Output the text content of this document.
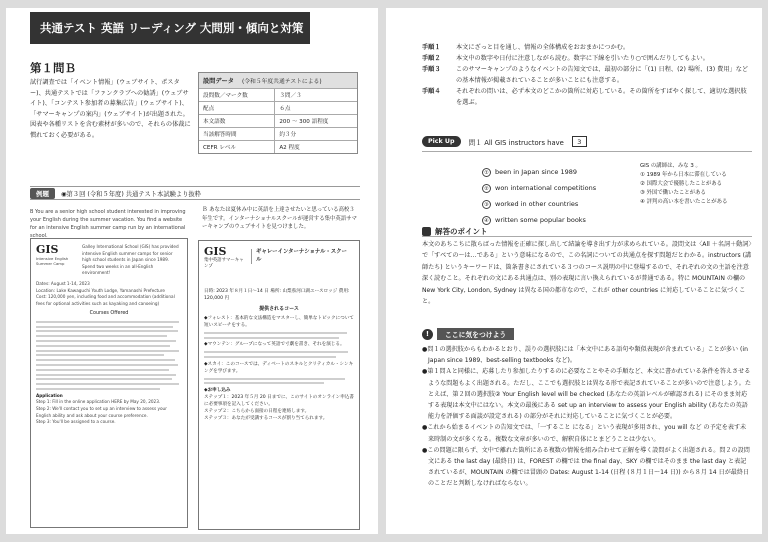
共通テスト 英語 リーディング 大問別・傾向と対策
第１問Ｂ
試行調査では「イベント情報」(ウェブサイト、ポスター)、共通テストでは「ファンクラブへの勧誘」(ウェブサイト)、「コンテスト参加者の募集広告」(ウェブサイト)、「サマーキャンプの案内」(ウェブサイト)が出題された。図表や各種リストを含む素材が多いので、それらの体裁に慣れておく必要がある。
設問データ (令和５年度共通テストによる)
設問数／マーク数	３問／３
配点	６点
本文語数	200 〜 300 語程度
当該解答時間	約３分
CEFR レベル	A2 程度
例題	◉第３回 (令和５年度) 共通テスト本試験より抜粋
B You are a senior high school student interested in improving your English during the summer vacation. You find a website for an intensive English summer camp run by an international school.
Ｂ あなたは夏休み中に英語を上達させたいと思っている高校３年生です。インターナショナルスクールが運営する集中英語サマーキャンプのウェブサイトを見つけました。
GIS
Intensive English Summer Camp
Galley International School (GIS) has provided intensive English summer camps for senior high school students in Japan since 1989. Spend two weeks in an all-English environment!
Dates: August 1-14, 2023
Location: Lake Kawaguchi Youth Lodge, Yamanashi Prefecture
Cost: 120,000 yen, including food and accommodation (additional fees for optional activities such as kayaking and canoeing)
Courses Offered
Application
Step 1: Fill in the online application HERE by May 20, 2023.
Step 2: We'll contact you to set up an interview to assess your English ability and ask about your course preference.
Step 3: You'll be assigned to a course.
GIS
集中英語サマーキャンプ
ギャレーインターナショナル・スクール
日時: 2023 年８月１日〜14 日 場所: 山梨県河口湖ユースロッジ 費用: 120,000 円
提供されるコース
◆フォレスト：基本的な文法構造をマスターし、簡単なトピックについて短いスピーチをする。
◆マウンテン：グループになって英語で寸劇を書き、それを演じる。
◆スカイ：このコースでは、ディベートのスキルとクリティカル・シンキングを学びます。
◆お申し込み
ステップ１：2023 年５月 20 日までに、このサイトのオンライン申込書に必要事項を記入してください。
ステップ２：こちらから面接の日程を連絡します。
ステップ３：あなたが受講するコースが割り当てられます。
手順１	本文にざっと目を通し、情報の全体構成をおおまかにつかむ。
手順２	本文中の数字や日付に注意しながら読む。数字に下線を引いたり○で囲んだりしてもよい。
手順３	このサマーキャンプのようなイベントの告知文では、最初の部分に「(1) 日程、(2) 場所、(3) 費用」などの基本情報が掲載されていることが多いことにも注意する。
手順４	それぞれの問いは、必ず本文のどこかの箇所に対応している。その箇所をすばやく探して、適切な選択肢を選ぶ。
Pick Up	問１ All GIS instructors have	3
① been in Japan since 1989
② won international competitions
③ worked in other countries
④ written some popular books
GIS の講師は、みな 3 。
① 1989 年から日本に滞在している
② 国際大会で優勝したことがある
③ 外国で働いたことがある
④ 評判の高い本を書いたことがある
解答のポイント
本文のあちこちに散らばった情報を正確に探し出して結論を導き出す力が求められている。設問文は〈All ＋名詞＋動詞〉で「すべての〜は…である」という意味になるので、この名詞についての共通点を探す問題だとわかる。instructors (講師たち) というキーワードは、箇条書きにされている３つのコース説明の中に登場するので、それぞれの文の主語を注意深く読むこと。それぞれの文にある共通点は、別の表現に言い換えられているが普通である。特に MOUNTAIN の欄の New York City, London, Sydney は異なる国の都市なので、これが other countries に対応していることに気づくこと。
!	ここに気をつけよう

●問１の選択肢からもわかるとおり、誤りの選択肢には「本文中にある語句や類似表現が含まれている」ことが多い (in Japan since 1989、best-selling textbooks など)。

●第１問Ａと同様に、応募したり参加したりするのに必要なことやその手順など、本文に書かれている条件を答えさせるような問題もよく出題される。ただし、ここでも選択肢とは異なる形で表記されていることが多いので注意しよう。たとえば、第２回の選択肢② Your English level will be checked (あなたの英語レベルが確認される) にそのまま対応する表現は本文中にはない。本文の最後にある set up an interview to assess your English ability (あなたの英語能力を評価する面談が設定される) の部分がそれに対応していることに気づくことが必要。

●これから始まるイベントの告知文では、「一すること になる」という表現が多用され、you will など の予定を表す未来時制の文が多くなる。複数な文章が多いので、解釈自体にとまどうことは少ない。

●この問題に限らず、文中で離れた箇所にある複数の情報を組み合わせて正解を導く設問がよく出題される。問２の設問文にある the last day (最終日) は、FOREST の欄では the final day、SKY の欄ではそのまま the last day と表記されているが、MOUNTAIN の欄では冒頭の Dates: August 1-14 (日程 (８月１日〜14 日)) から８月 14 日が最終日のことだと判断しなければならない。
